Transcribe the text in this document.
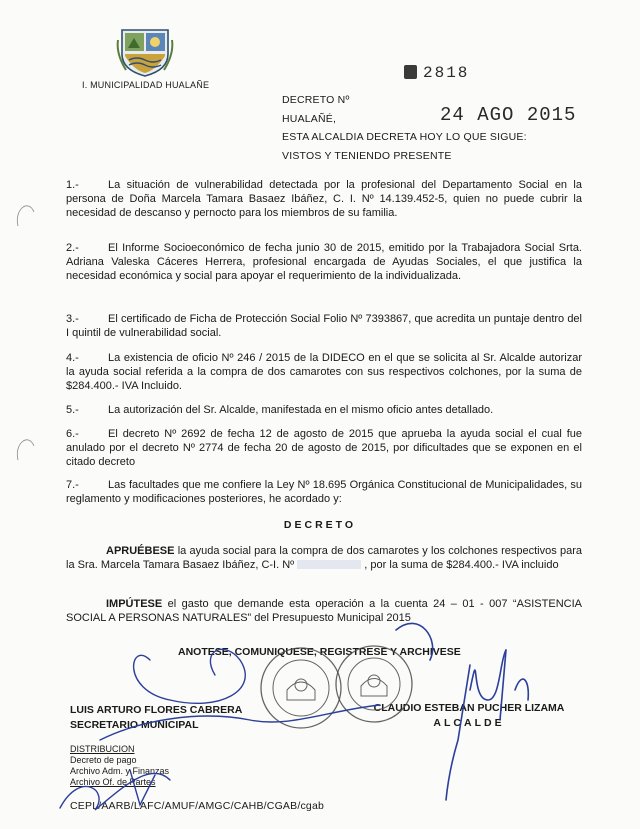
I. MUNICIPALIDAD HUALAÑE
2818
24 AGO 2015
DECRETO Nº
HUALAÑÉ,
ESTA ALCALDIA DECRETA HOY LO QUE SIGUE:
VISTOS Y TENIENDO PRESENTE
1.-	La situación de vulnerabilidad detectada por la profesional del Departamento Social en la persona de Doña Marcela Tamara Basaez Ibáñez, C. I. Nº 14.139.452-5, quien no puede cubrir la necesidad de descanso y pernocto para los miembros de su familia.
2.-	El Informe Socioeconómico de fecha junio 30 de 2015, emitido por la Trabajadora Social Srta. Adriana Valeska Cáceres Herrera, profesional encargada de Ayudas Sociales, el que justifica la necesidad económica y social para apoyar el requerimiento de la individualizada.
3.-	El certificado de Ficha de Protección Social Folio Nº 7393867, que acredita un puntaje dentro del I quintil de vulnerabilidad social.
4.-	La existencia de oficio Nº 246 / 2015 de la DIDECO en el que se solicita al Sr. Alcalde autorizar la ayuda social referida a la compra de dos camarotes con sus respectivos colchones, por la suma de $284.400.- IVA Incluido.
5.-	La autorización del Sr. Alcalde, manifestada en el mismo oficio antes detallado.
6.-	El decreto Nº 2692 de fecha 12 de agosto de 2015 que aprueba la ayuda social el cual fue anulado por el decreto Nº 2774 de fecha 20 de agosto de 2015, por dificultades que se exponen en el citado decreto
7.-	Las facultades que me confiere la Ley Nº 18.695 Orgánica Constitucional de Municipalidades, su reglamento y modificaciones posteriores, he acordado y:
DECRETO
APRUÉBESE la ayuda social para la compra de dos camarotes y los colchones respectivos para la Sra. Marcela Tamara Basaez Ibáñez, C-I. Nº	, por la suma de $284.400.- IVA incluido
IMPÚTESE el gasto que demande esta operación a la cuenta 24 – 01 - 007 “ASISTENCIA SOCIAL A PERSONAS NATURALES” del Presupuesto Municipal 2015
ANOTESE, COMUNIQUESE, REGISTRESE Y ARCHIVESE
LUIS ARTURO FLORES CABRERA
SECRETARIO MUNICIPAL
CLAUDIO ESTEBAN PUCHER LIZAMA
ALCALDE
DISTRIBUCION
Decreto de pago
Archivo Adm. y Finanzas
Archivo Of. de Partes
CEPL/AARB/LAFC/AMUF/AMGC/CAHB/CGAB/cgab
